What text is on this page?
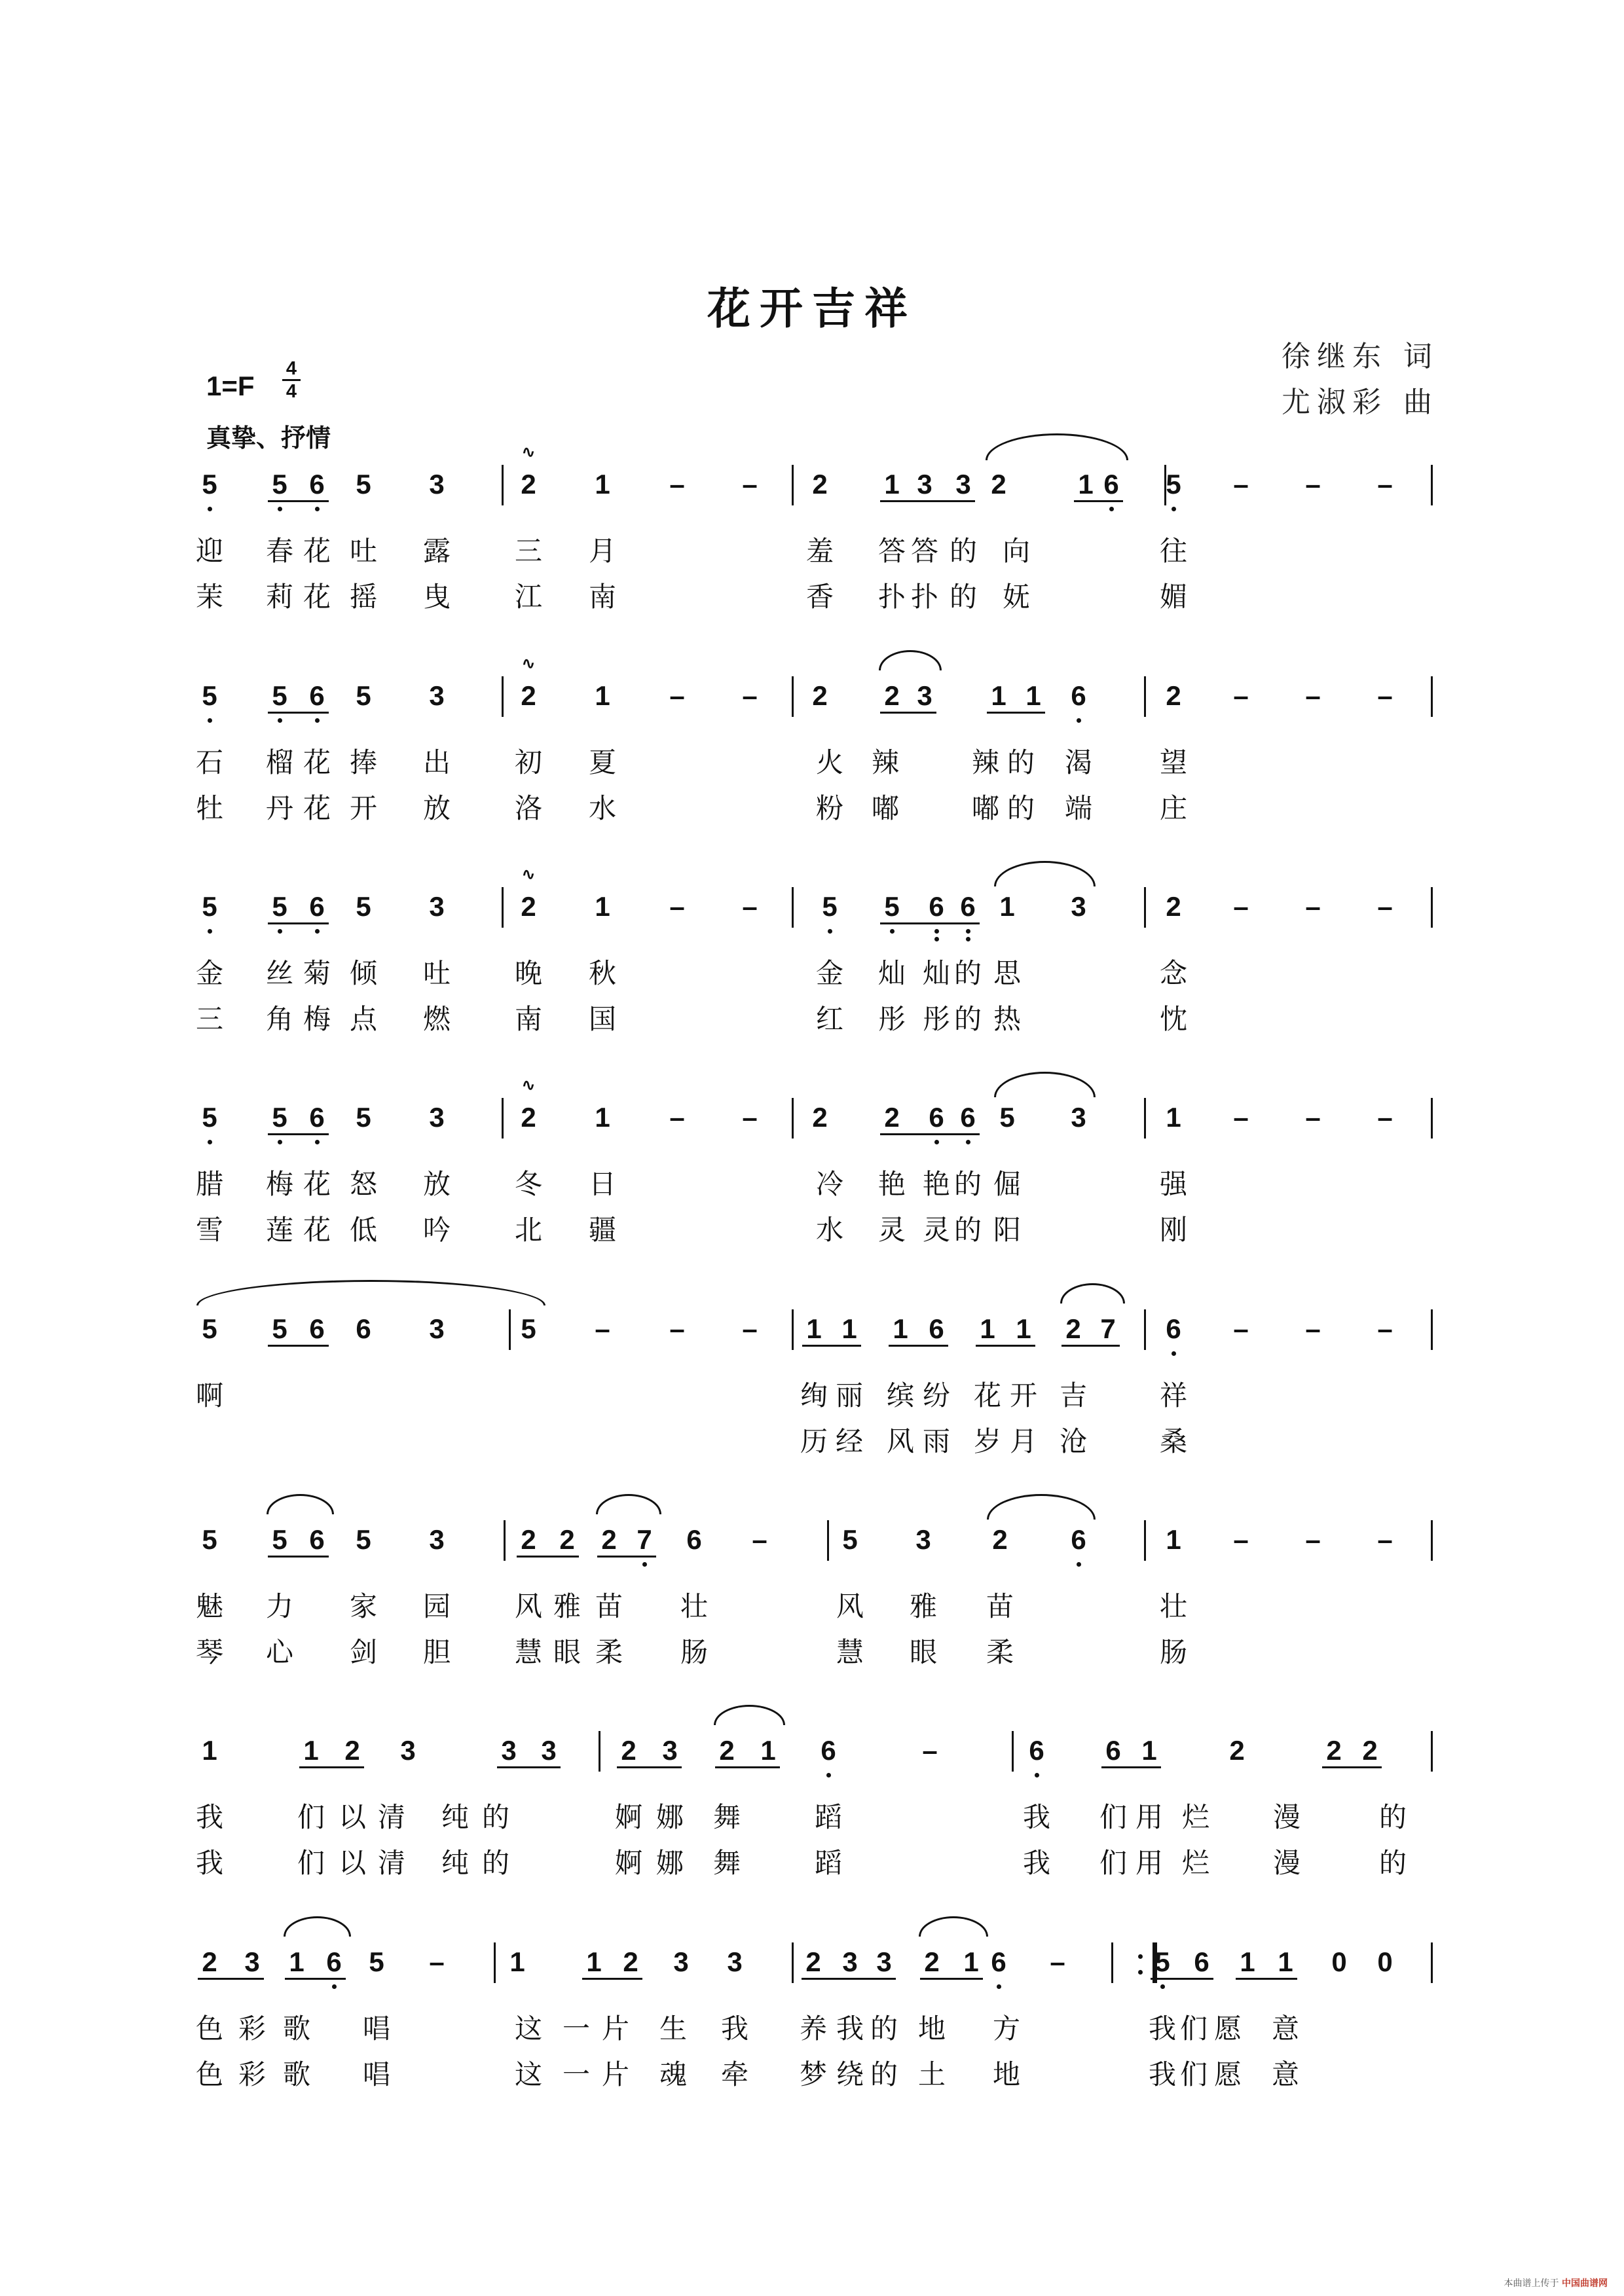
花开吉祥
徐继东 词
尤淑彩 曲
1=F
4
4
真挚、抒情
5 5 6 5 3	2 1 – – 2 1 3 3 2	1 6 5 – – –
∿
迎 春 花 吐 露 三 月	羞 答 答 的 向	往
茉 莉 花 摇 曳 江 南	香 扑 扑 的 妩	媚
5 5 6 5 3	2 1 – – 2 2 3 1 1 6	2 – – –
∿
石 榴 花 捧 出 初 夏	火 辣	辣 的 渴 望
牡 丹 花 开 放 洛 水	粉 嘟	嘟 的 端 庄
5 5 6 5 3	2 1 – – 5 5 6 6 1 3	2 – – –
∿
金 丝 菊 倾 吐 晚 秋	金 灿 灿 的 思	念
三 角 梅 点 燃 南 国	红 彤 彤 的 热	忱
5 5 6 5 3	2 1 – – 2 2 6 6 5 3	1 – – –
∿
腊 梅 花 怒 放 冬 日	冷 艳 艳 的 倔	强
雪 莲 花 低 吟 北 疆	水 灵 灵 的 阳	刚
5 5 6 6 3	5 – – – 1 1 1 6 1 1 2 7 6 – – –
啊	绚 丽 缤 纷 花 开 吉	祥
历 经 风 雨 岁 月 沧	桑
5 5 6 5 3	2 2 2 7 6 –	5 3 2 6	1 – – –
魅 力 家 园 风 雅 苗 壮	风 雅 苗	壮
琴 心 剑 胆 慧 眼 柔 肠	慧 眼 柔	肠
1	1 2 3	3 3 2 3 2 1 6	–	6 6 1	2	2 2
我	们 以 清 纯 的	婀 娜 舞	蹈	我 们 用 烂 漫	的
我	们 以 清 纯 的	婀 娜 舞	蹈	我 们 用 烂 漫	的
2 3 1 6 5 – 1 1 2 3 3 2 3 3 2 1 6 –	5 6 1 1 0 0
色 彩 歌 唱	这 一 片 生 我 养 我 的 地 方	我 们 愿 意
色 彩 歌 唱	这 一 片 魂 牵 梦 绕 的 土 地	我 们 愿 意
本曲谱上传于 中国曲谱网
